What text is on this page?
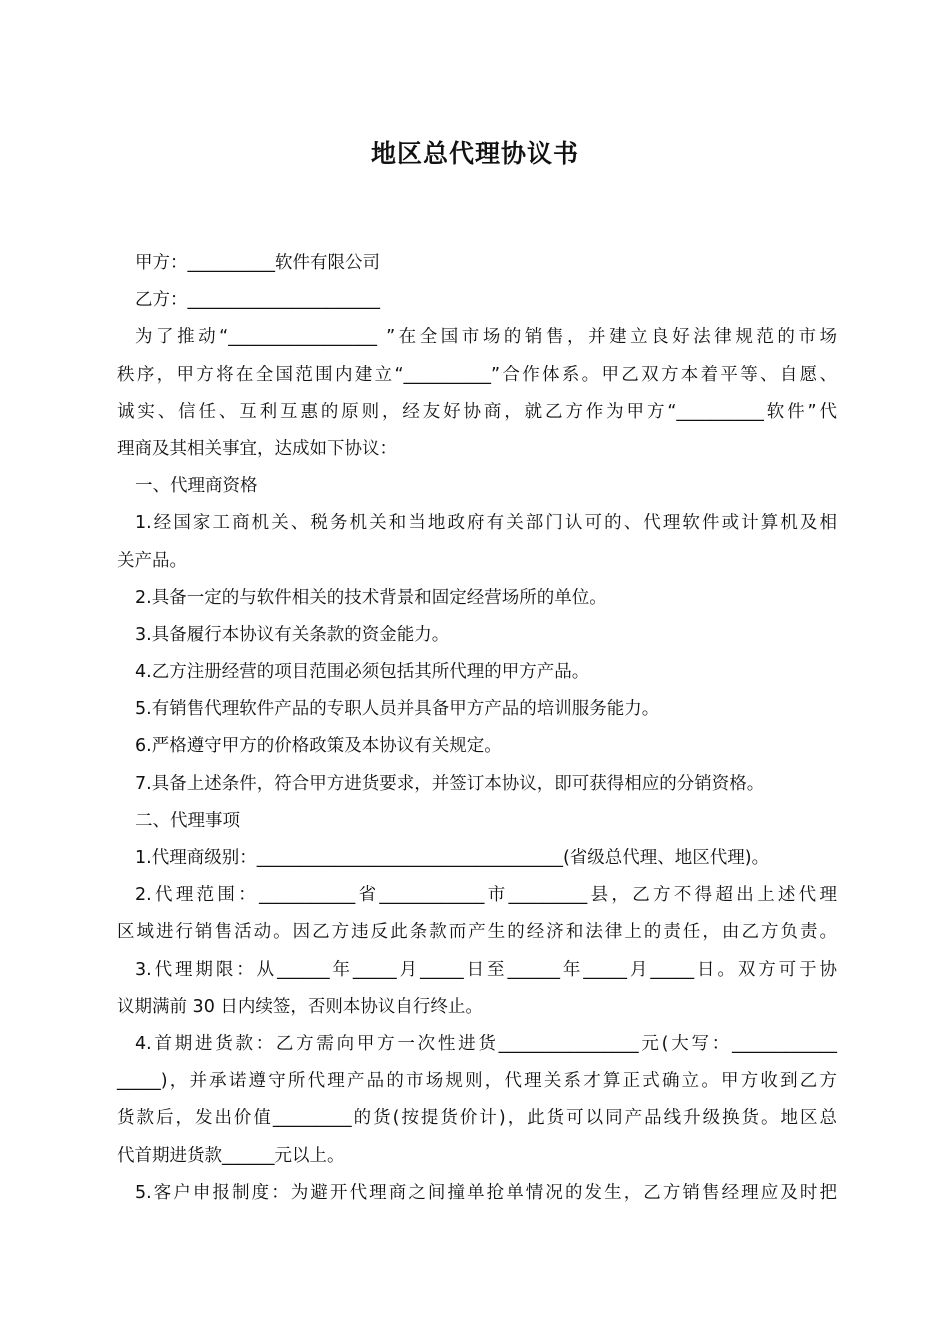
地区总代理协议书

甲方：__________软件有限公司

乙方：______________________

为了推动“_________________ ”在全国市场的销售，并建立良好法律规范的市场

秩序，甲方将在全国范围内建立“__________”合作体系。甲乙双方本着平等、自愿、

诚实、信任、互利互惠的原则，经友好协商，就乙方作为甲方“__________软件”代

理商及其相关事宜，达成如下协议：

一、代理商资格

1.经国家工商机关、税务机关和当地政府有关部门认可的、代理软件或计算机及相

关产品。

2.具备一定的与软件相关的技术背景和固定经营场所的单位。

3.具备履行本协议有关条款的资金能力。

4.乙方注册经营的项目范围必须包括其所代理的甲方产品。

5.有销售代理软件产品的专职人员并具备甲方产品的培训服务能力。

6.严格遵守甲方的价格政策及本协议有关规定。

7.具备上述条件，符合甲方进货要求，并签订本协议，即可获得相应的分销资格。

二、代理事项

1.代理商级别：___________________________________(省级总代理、地区代理)。

2.代理范围：___________省____________市_________县，乙方不得超出上述代理

区域进行销售活动。因乙方违反此条款而产生的经济和法律上的责任，由乙方负责。

3.代理期限：从______年_____月_____日至______年_____月_____日。双方可于协

议期满前 30 日内续签，否则本协议自行终止。

4.首期进货款：乙方需向甲方一次性进货________________元(大写：____________

_____)，并承诺遵守所代理产品的市场规则，代理关系才算正式确立。甲方收到乙方

货款后，发出价值_________的货(按提货价计)，此货可以同产品线升级换货。地区总

代首期进货款______元以上。

5.客户申报制度：为避开代理商之间撞单抢单情况的发生，乙方销售经理应及时把
